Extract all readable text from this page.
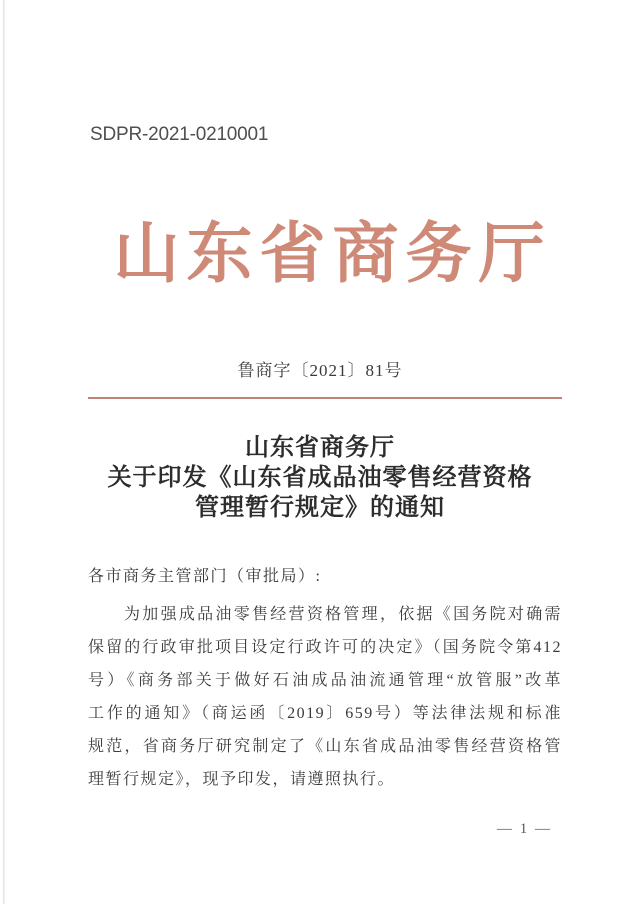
SDPR-2021-0210001
山东省商务厅
鲁商字〔2021〕81号
山东省商务厅
关于印发《山东省成品油零售经营资格
管理暂行规定》的通知
各市商务主管部门（审批局）:
为加强成品油零售经营资格管理，依据《国务院对确需
保留的行政审批项目设定行政许可的决定》（国务院令第412
号）《商务部关于做好石油成品油流通管理“放管服”改革
工作的通知》（商运函〔2019〕659号）等法律法规和标准
规范，省商务厅研究制定了《山东省成品油零售经营资格管
理暂行规定》，现予印发，请遵照执行。
— 1 —
